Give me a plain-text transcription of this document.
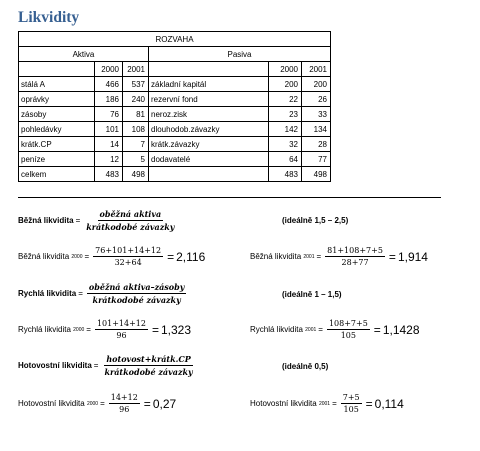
Likvidity
ROZVAHA					
Aktiva			Pasiva		
	2000	2001		2000	2001
stálá A	466	537	základní kapitál	200	200
oprávky	186	240	rezervní fond	22	26
zásoby	76	81	neroz.zisk	23	33
pohledávky	101	108	dlouhodob.závazky	142	134
krátk.CP	14	7	krátk.závazky	32	28
peníze	12	5	dodavatelé	64	77
celkem	483	498		483	498
Běžná likvidita = $\frac{\text{oběžná aktiva}}{\text{krátkodobé závazky}}$	(ideálně 1,5 – 2,5)
Běžná likvidita
$2000 = \frac{76+101+14+12}{32+64} = 2,116$	Běžná likvidita
$2001 = \frac{81+108+7+5}{28+77} = 1,914$
Rychlá likvidita = $\frac{\text{oběžná aktiva–zásoby}}{\text{krátkodobé závazky}}$	(ideálně 1 – 1,5)
Rychlá likvidita
$2000 = \frac{101+14+12}{96} = 1,323$	Rychlá likvidita
$2001 = \frac{108+7+5}{105} = 1,1428$
Hotovostní likvidita = $\frac{\text{hotovost+krátk.CP}}{\text{krátkodobé závazky}}$	(ideálně 0,5)
Hotovostní likvidita
$2000 = \frac{14+12}{96} = 0,27$	Hotovostní likvidita
$2001 = \frac{7+5}{105} = 0,114$
